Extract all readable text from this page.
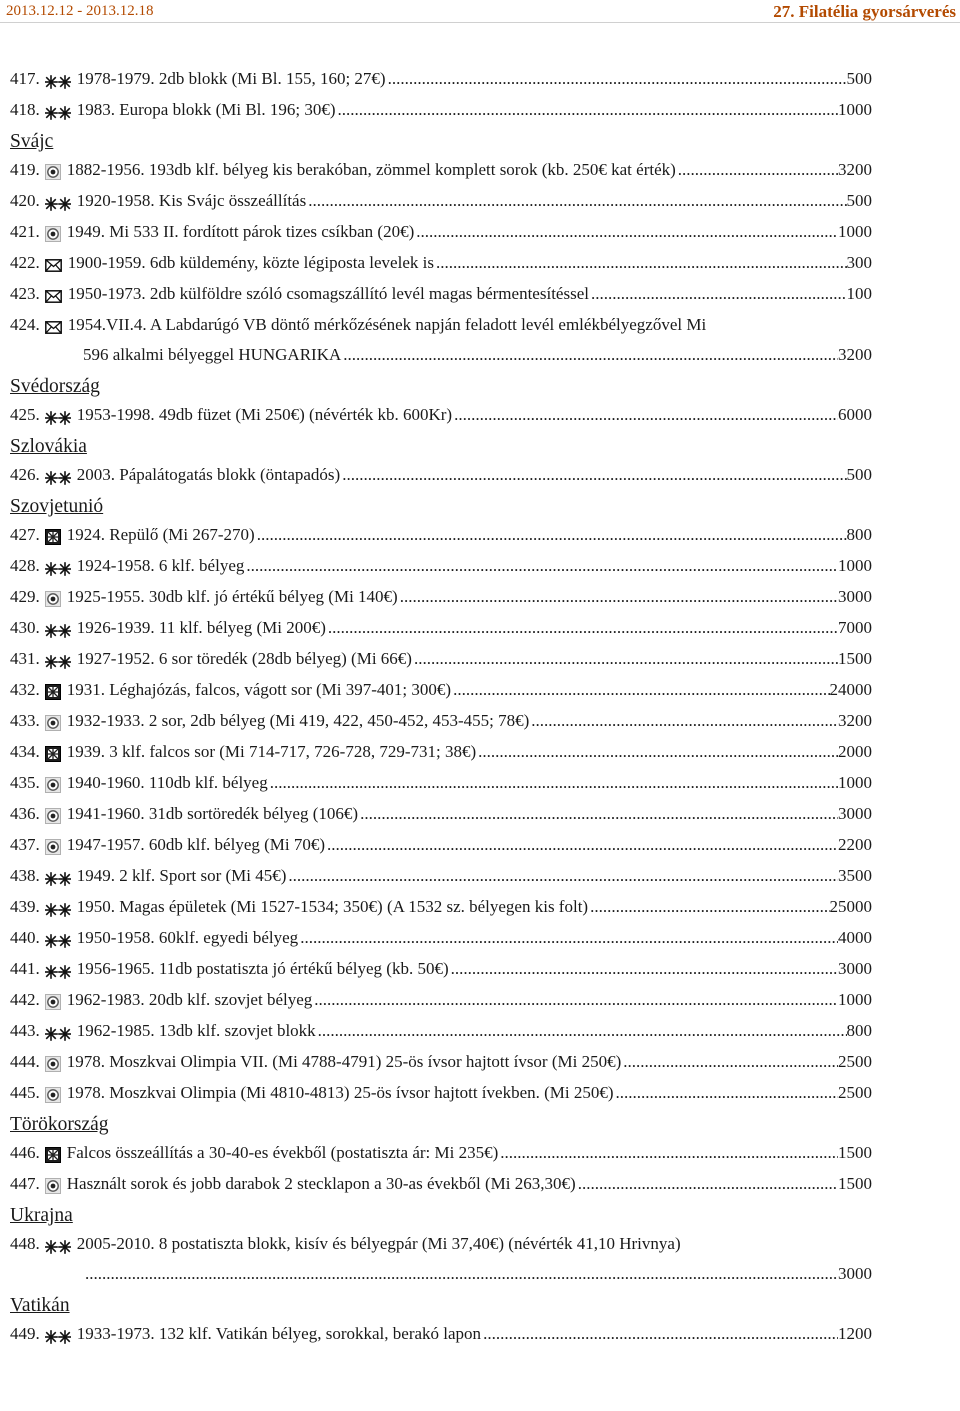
2013.12.12 - 2013.12.18	27. Filatélia gyorsárverés
417. 1978-1979. 2db blokk (Mi Bl. 155, 160; 27€) .....	500
418. 1983. Europa blokk (Mi Bl. 196; 30€) .....	1000
Svájc
419. 1882-1956. 193db klf. bélyeg kis berakóban, zömmel komplett sorok (kb. 250€ kat érték) .....	3200
420. 1920-1958. Kis Svájc összeállítás .....	500
421. 1949. Mi 533 II. fordított párok tizes csíkban (20€) .....	1000
422. 1900-1959. 6db küldemény, közte légiposta levelek is .....	300
423. 1950-1973. 2db külföldre szóló csomagszállító levél magas bérmentesítéssel .....	100
424. 1954.VII.4. A Labdarúgó VB döntő mérkőzésének napján feladott levél emlékbélyegzővel Mi
596 alkalmi bélyeggel HUNGARIKA .....	3200
Svédország
425. 1953-1998. 49db füzet (Mi 250€) (névérték kb. 600Kr) .....	6000
Szlovákia
426. 2003. Pápalátogatás blokk (öntapadós) .....	500
Szovjetunió
427. 1924. Repülő (Mi 267-270) .....	800
428. 1924-1958. 6 klf. bélyeg .....	1000
429. 1925-1955. 30db klf. jó értékű bélyeg (Mi 140€) .....	3000
430. 1926-1939. 11 klf. bélyeg (Mi 200€) .....	7000
431. 1927-1952. 6 sor töredék (28db bélyeg) (Mi 66€) .....	1500
432. 1931. Léghajózás, falcos, vágott sor (Mi 397-401; 300€) .....	24000
433. 1932-1933. 2 sor, 2db bélyeg (Mi 419, 422, 450-452, 453-455; 78€) .....	3200
434. 1939. 3 klf. falcos sor (Mi 714-717, 726-728, 729-731; 38€) .....	2000
435. 1940-1960. 110db klf. bélyeg .....	1000
436. 1941-1960. 31db sortöredék bélyeg (106€) .....	3000
437. 1947-1957. 60db klf. bélyeg (Mi 70€) .....	2200
438. 1949. 2 klf. Sport sor (Mi 45€) .....	3500
439. 1950. Magas épületek (Mi 1527-1534; 350€) (A 1532 sz. bélyegen kis folt) .....	25000
440. 1950-1958. 60klf. egyedi bélyeg .....	4000
441. 1956-1965. 11db postatiszta jó értékű bélyeg (kb. 50€) .....	3000
442. 1962-1983. 20db klf. szovjet bélyeg .....	1000
443. 1962-1985. 13db klf. szovjet blokk .....	800
444. 1978. Moszkvai Olimpia VII. (Mi 4788-4791) 25-ös ívsor hajtott ívsor (Mi 250€) .....	2500
445. 1978. Moszkvai Olimpia (Mi 4810-4813) 25-ös ívsor hajtott ívekben. (Mi 250€) .....	2500
Törökország
446. Falcos összeállítás a 30-40-es évekből (postatiszta ár: Mi 235€) .....	1500
447. Használt sorok és jobb darabok 2 stecklapon a 30-as évekből (Mi 263,30€) .....	1500
Ukrajna
448. 2005-2010. 8 postatiszta blokk, kisív és bélyegpár (Mi 37,40€) (névérték 41,10 Hrivnya)
.....
3000
Vatikán
449. 1933-1973. 132 klf. Vatikán bélyeg, sorokkal, berakó lapon .....	1200
